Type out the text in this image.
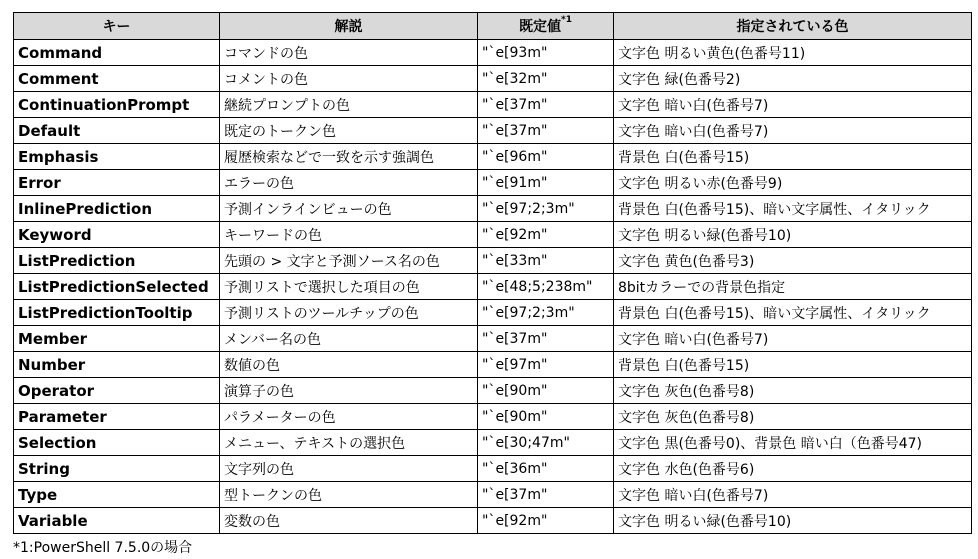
キー	解説	既定値$^{*1}$	指定されている色
Command	コマンドの色	"`e[93m"	文字色 明るい黄色(色番号11)
Comment	コメントの色	"`e[32m"	文字色 緑(色番号2)
ContinuationPrompt	継続プロンプトの色	"`e[37m"	文字色 暗い白(色番号7)
Default	既定のトークン色	"`e[37m"	文字色 暗い白(色番号7)
Emphasis	履歴検索などで一致を示す強調色	"`e[96m"	背景色 白(色番号15)
Error	エラーの色	"`e[91m"	文字色 明るい赤(色番号9)
InlinePrediction	予測インラインビューの色	"`e[97;2;3m"	背景色 白(色番号15)、暗い文字属性、イタリック
Keyword	キーワードの色	"`e[92m"	文字色 明るい緑(色番号10)
ListPrediction	先頭の > 文字と予測ソース名の色	"`e[33m"	文字色 黄色(色番号3)
ListPredictionSelected	予測リストで選択した項目の色	"`e[48;5;238m"	8bitカラーでの背景色指定
ListPredictionTooltip	予測リストのツールチップの色	"`e[97;2;3m"	背景色 白(色番号15)、暗い文字属性、イタリック
Member	メンバー名の色	"`e[37m"	文字色 暗い白(色番号7)
Number	数値の色	"`e[97m"	背景色 白(色番号15)
Operator	演算子の色	"`e[90m"	文字色 灰色(色番号8)
Parameter	パラメーターの色	"`e[90m"	文字色 灰色(色番号8)
Selection	メニュー、テキストの選択色	"`e[30;47m"	文字色 黒(色番号0)、背景色 暗い白（色番号47)
String	文字列の色	"`e[36m"	文字色 水色(色番号6)
Type	型トークンの色	"`e[37m"	文字色 暗い白(色番号7)
Variable	変数の色	"`e[92m"	文字色 明るい緑(色番号10)
*1:PowerShell 7.5.0の場合
